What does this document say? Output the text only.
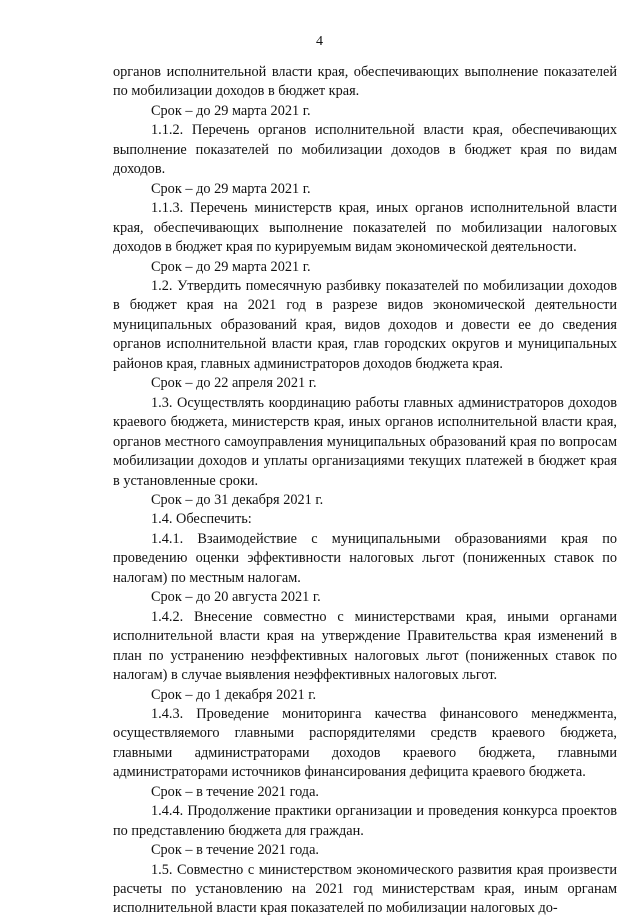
4

органов исполнительной власти края, обеспечивающих выполнение показателей по мобилизации доходов в бюджет края.

Срок – до 29 марта 2021 г.

1.1.2. Перечень органов исполнительной власти края, обеспечивающих выполнение показателей по мобилизации доходов в бюджет края по видам доходов.

Срок – до 29 марта 2021 г.

1.1.3. Перечень министерств края, иных органов исполнительной власти края, обеспечивающих выполнение показателей по мобилизации налоговых доходов в бюджет края по курируемым видам экономической деятельности.

Срок – до 29 марта 2021 г.

1.2. Утвердить помесячную разбивку показателей по мобилизации доходов в бюджет края на 2021 год в разрезе видов экономической деятельности муниципальных образований края, видов доходов и довести ее до сведения органов исполнительной власти края, глав городских округов и муниципальных районов края, главных администраторов доходов бюджета края.

Срок – до 22 апреля 2021 г.

1.3. Осуществлять координацию работы главных администраторов доходов краевого бюджета, министерств края, иных органов исполнительной власти края, органов местного самоуправления муниципальных образований края по вопросам мобилизации доходов и уплаты организациями текущих платежей в бюджет края в установленные сроки.

Срок – до 31 декабря 2021 г.

1.4. Обеспечить:

1.4.1. Взаимодействие с муниципальными образованиями края по проведению оценки эффективности налоговых льгот (пониженных ставок по налогам) по местным налогам.

Срок – до 20 августа 2021 г.

1.4.2. Внесение совместно с министерствами края, иными органами исполнительной власти края на утверждение Правительства края изменений в план по устранению неэффективных налоговых льгот (пониженных ставок по налогам) в случае выявления неэффективных налоговых льгот.

Срок – до 1 декабря 2021 г.

1.4.3. Проведение мониторинга качества финансового менеджмента, осуществляемого главными распорядителями средств краевого бюджета, главными администраторами доходов краевого бюджета, главными администраторами источников финансирования дефицита краевого бюджета.

Срок – в течение 2021 года.

1.4.4. Продолжение практики организации и проведения конкурса проектов по представлению бюджета для граждан.

Срок – в течение 2021 года.

1.5. Совместно с министерством экономического развития края произвести расчеты по установлению на 2021 год министерствам края, иным органам исполнительной власти края показателей по мобилизации налоговых до-
